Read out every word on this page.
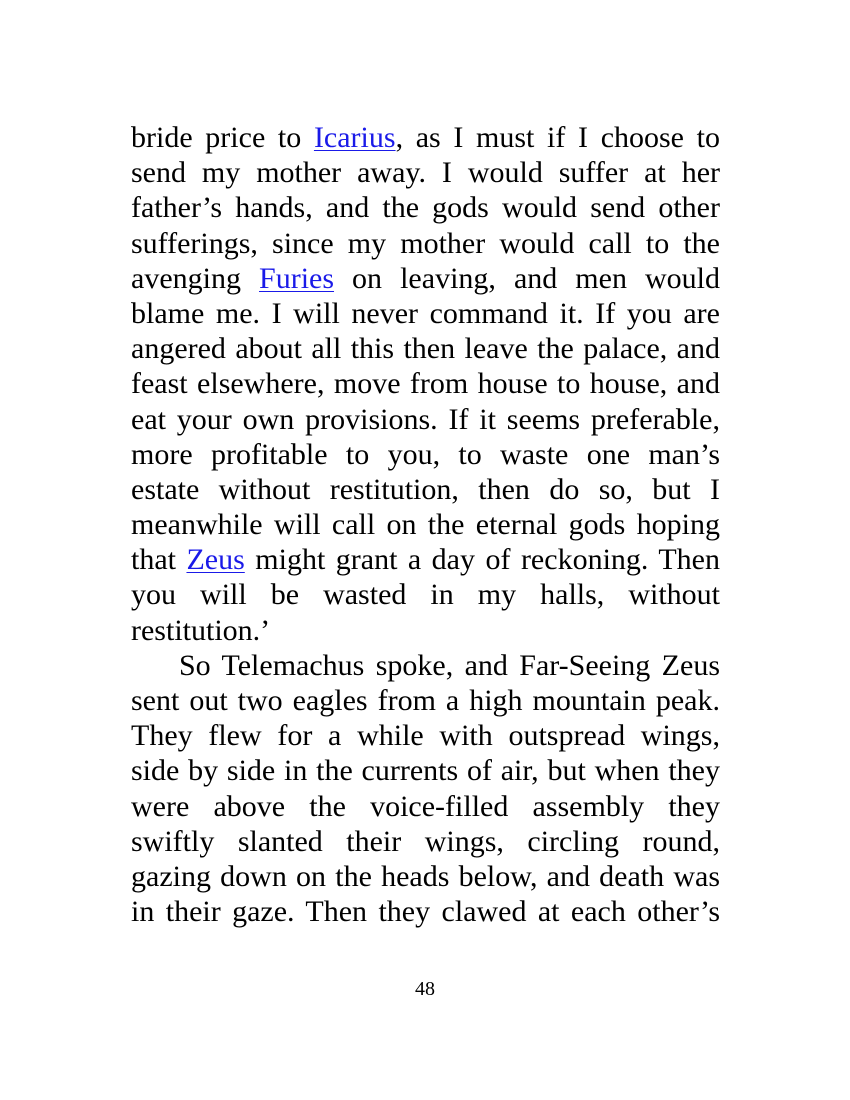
bride price to Icarius, as I must if I choose to
send my mother away. I would suffer at her
father’s hands, and the gods would send other
sufferings, since my mother would call to the
avenging Furies on leaving, and men would
blame me. I will never command it. If you are
angered about all this then leave the palace, and
feast elsewhere, move from house to house, and
eat your own provisions. If it seems preferable,
more profitable to you, to waste one man’s
estate without restitution, then do so, but I
meanwhile will call on the eternal gods hoping
that Zeus might grant a day of reckoning. Then
you will be wasted in my halls, without
restitution.’
So Telemachus spoke, and Far-Seeing Zeus
sent out two eagles from a high mountain peak.
They flew for a while with outspread wings,
side by side in the currents of air, but when they
were above the voice-filled assembly they
swiftly slanted their wings, circling round,
gazing down on the heads below, and death was
in their gaze. Then they clawed at each other’s
48
